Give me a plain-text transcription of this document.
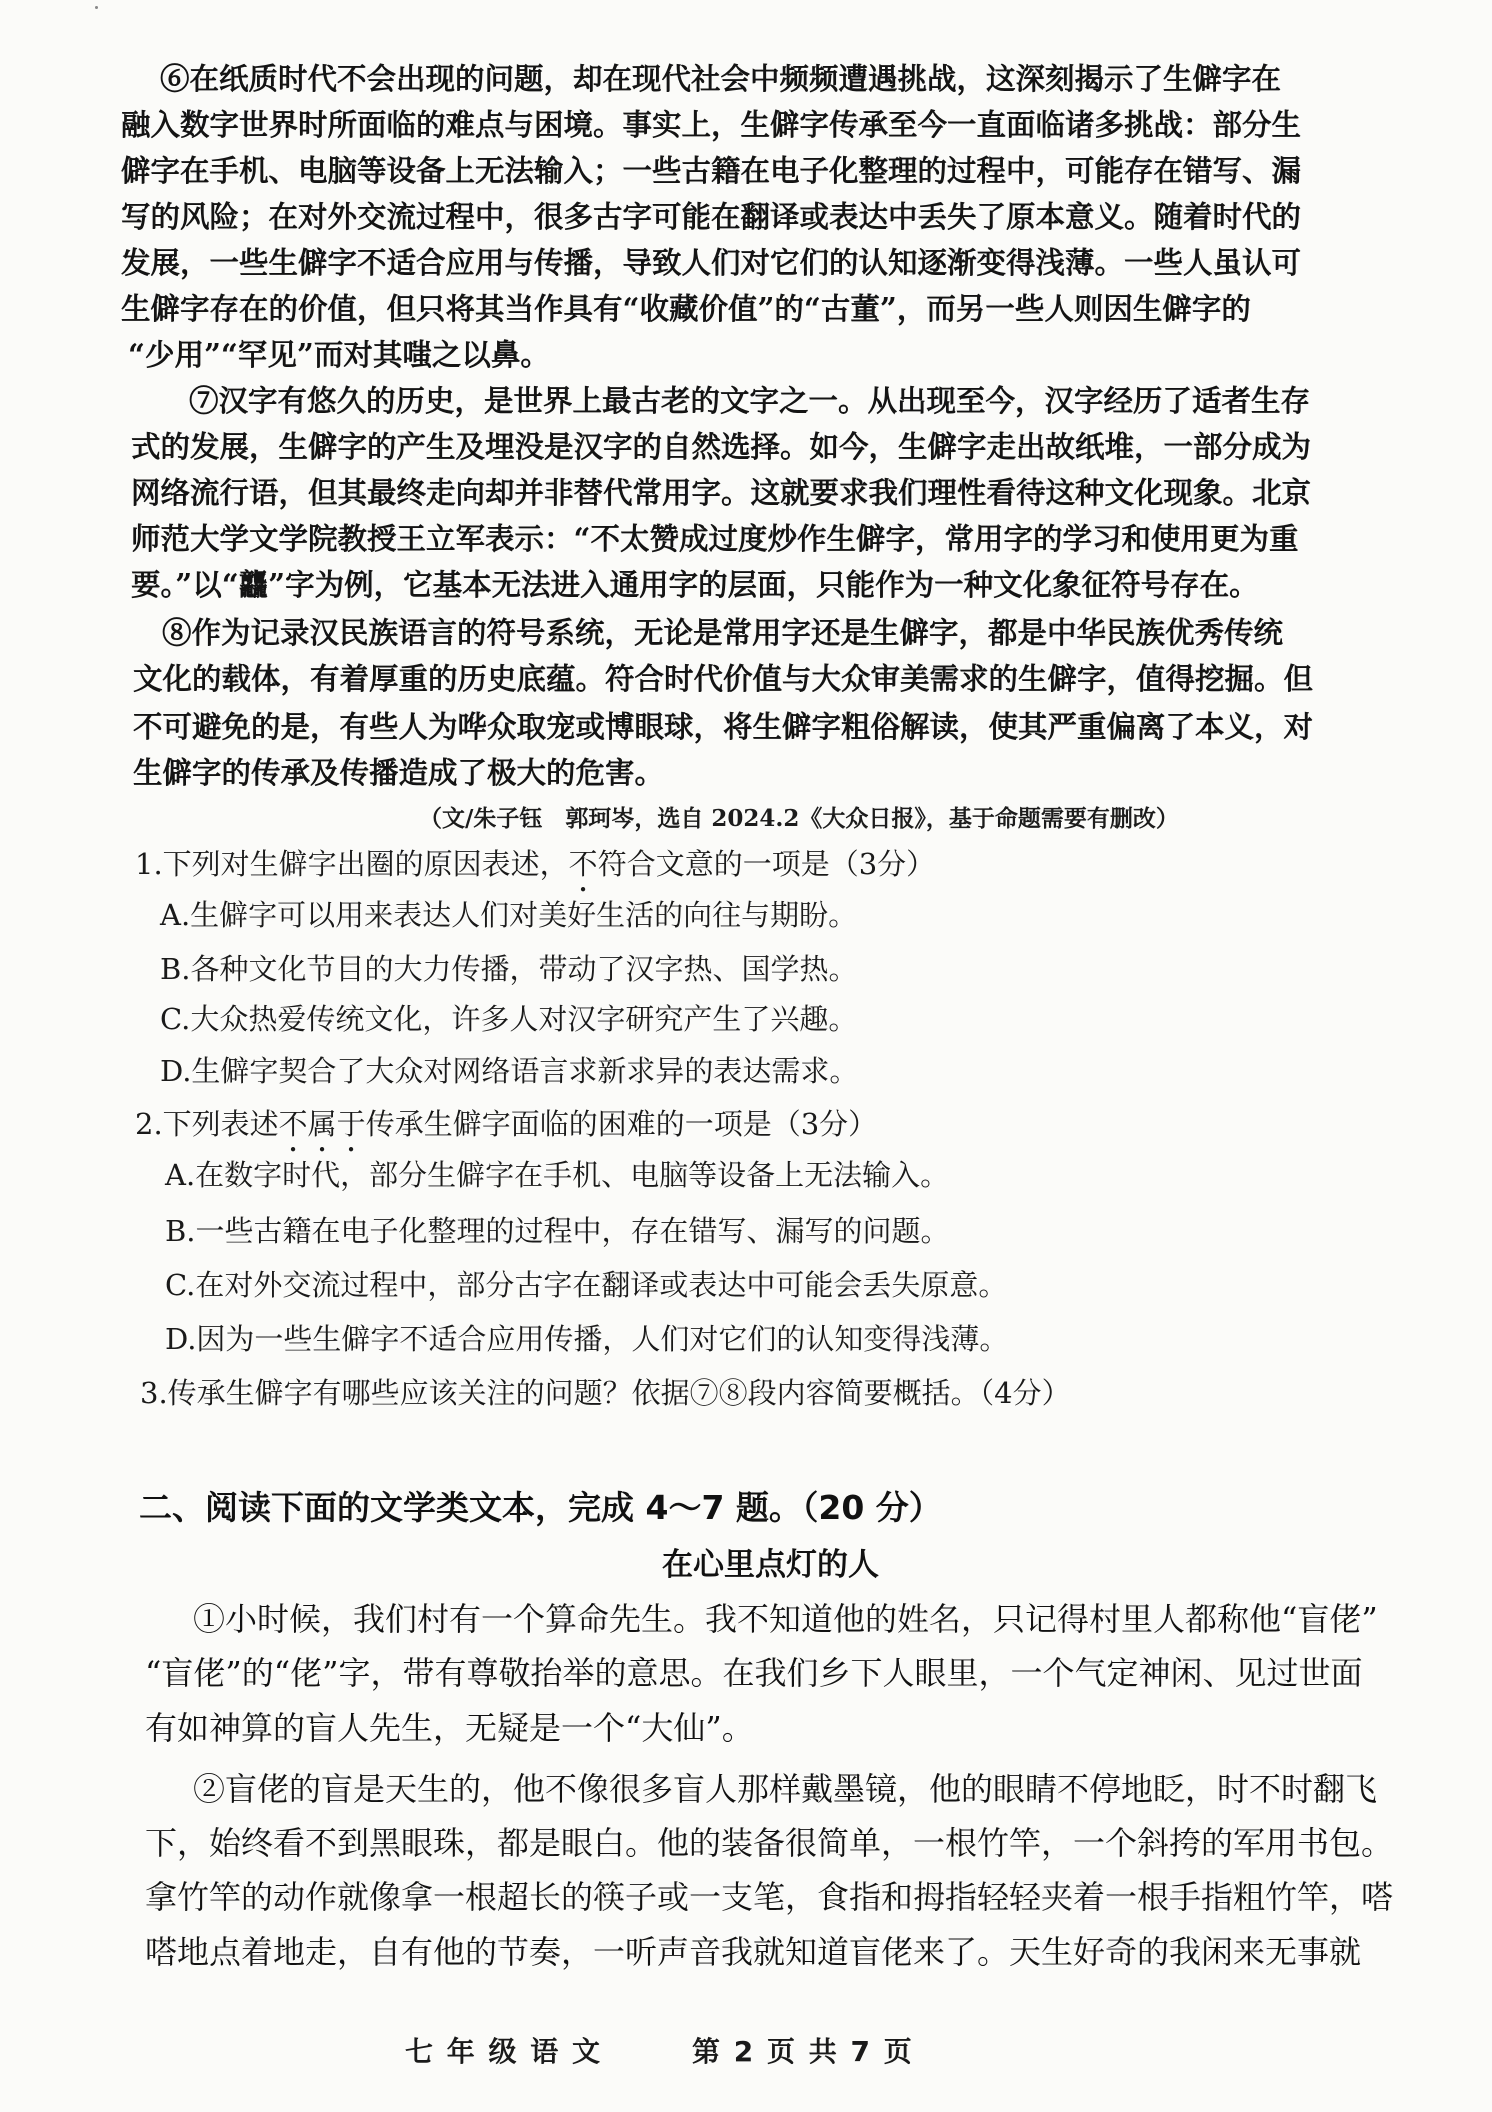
⑥在纸质时代不会出现的问题，却在现代社会中频频遭遇挑战，这深刻揭示了生僻字在
融入数字世界时所面临的难点与困境。事实上，生僻字传承至今一直面临诸多挑战：部分生
僻字在手机、电脑等设备上无法输入；一些古籍在电子化整理的过程中，可能存在错写、漏
写的风险；在对外交流过程中，很多古字可能在翻译或表达中丢失了原本意义。随着时代的
发展，一些生僻字不适合应用与传播，导致人们对它们的认知逐渐变得浅薄。一些人虽认可
生僻字存在的价值，但只将其当作具有“收藏价值”的“古董”，而另一些人则因生僻字的
“少用”“罕见”而对其嗤之以鼻。
⑦汉字有悠久的历史，是世界上最古老的文字之一。从出现至今，汉字经历了适者生存
式的发展，生僻字的产生及埋没是汉字的自然选择。如今，生僻字走出故纸堆，一部分成为
网络流行语，但其最终走向却并非替代常用字。这就要求我们理性看待这种文化现象。北京
师范大学文学院教授王立军表示：“不太赞成过度炒作生僻字，常用字的学习和使用更为重
要。”以“龘”字为例，它基本无法进入通用字的层面，只能作为一种文化象征符号存在。
⑧作为记录汉民族语言的符号系统，无论是常用字还是生僻字，都是中华民族优秀传统
文化的载体，有着厚重的历史底蕴。符合时代价值与大众审美需求的生僻字，值得挖掘。但
不可避免的是，有些人为哗众取宠或博眼球，将生僻字粗俗解读，使其严重偏离了本义，对
生僻字的传承及传播造成了极大的危害。
（文/朱子钰　郭珂岑，选自 2024.2《大众日报》，基于命题需要有删改）
1.下列对生僻字出圈的原因表述，不符合文意的一项是（3分）
A.生僻字可以用来表达人们对美好生活的向往与期盼。
B.各种文化节目的大力传播，带动了汉字热、国学热。
C.大众热爱传统文化，许多人对汉字研究产生了兴趣。
D.生僻字契合了大众对网络语言求新求异的表达需求。
2.下列表述不属于传承生僻字面临的困难的一项是（3分）
A.在数字时代，部分生僻字在手机、电脑等设备上无法输入。
B.一些古籍在电子化整理的过程中，存在错写、漏写的问题。
C.在对外交流过程中，部分古字在翻译或表达中可能会丢失原意。
D.因为一些生僻字不适合应用传播，人们对它们的认知变得浅薄。
3.传承生僻字有哪些应该关注的问题？依据⑦⑧段内容简要概括。（4分）
二、阅读下面的文学类文本，完成 4～7 题。（20 分）
在心里点灯的人
①小时候，我们村有一个算命先生。我不知道他的姓名，只记得村里人都称他“盲佬”
“盲佬”的“佬”字，带有尊敬抬举的意思。在我们乡下人眼里，一个气定神闲、见过世面
有如神算的盲人先生，无疑是一个“大仙”。
②盲佬的盲是天生的，他不像很多盲人那样戴墨镜，他的眼睛不停地眨，时不时翻飞
下，始终看不到黑眼珠，都是眼白。他的装备很简单，一根竹竿，一个斜挎的军用书包。
拿竹竿的动作就像拿一根超长的筷子或一支笔，食指和拇指轻轻夹着一根手指粗竹竿，嗒
嗒地点着地走，自有他的节奏，一听声音我就知道盲佬来了。天生好奇的我闲来无事就
七 年 级 语 文	第 2 页 共 7 页
